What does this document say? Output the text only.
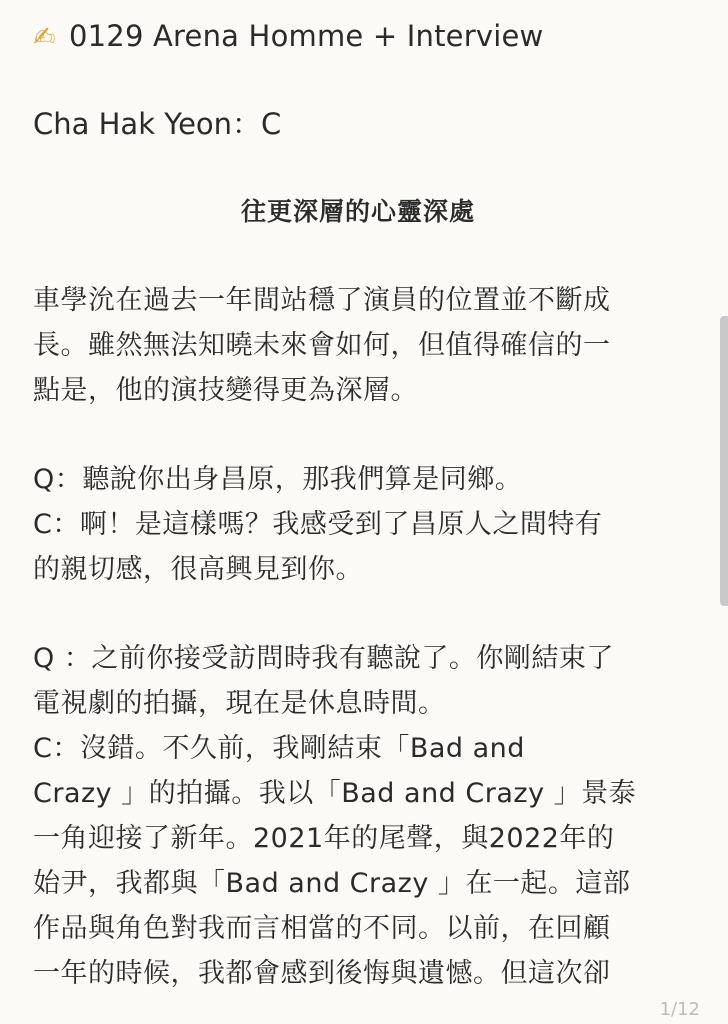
✍ 0129 Arena Homme + Interview
Cha Hak Yeon：C
往更深層的心靈深處
車學沇在過去一年間站穩了演員的位置並不斷成
長。雖然無法知曉未來會如何，但值得確信的一
點是，他的演技變得更為深層。
Q：聽說你出身昌原，那我們算是同鄉。
C：啊！是這樣嗎？我感受到了昌原人之間特有
的親切感，很高興見到你。
Q ：之前你接受訪問時我有聽說了。你剛結束了
電視劇的拍攝，現在是休息時間。
C：沒錯。不久前，我剛結束「Bad and
Crazy 」的拍攝。我以「Bad and Crazy 」景泰
一角迎接了新年。2021年的尾聲，與2022年的
始尹，我都與「Bad and Crazy 」在一起。這部
作品與角色對我而言相當的不同。以前，在回顧
一年的時候，我都會感到後悔與遺憾。但這次卻
1/12
